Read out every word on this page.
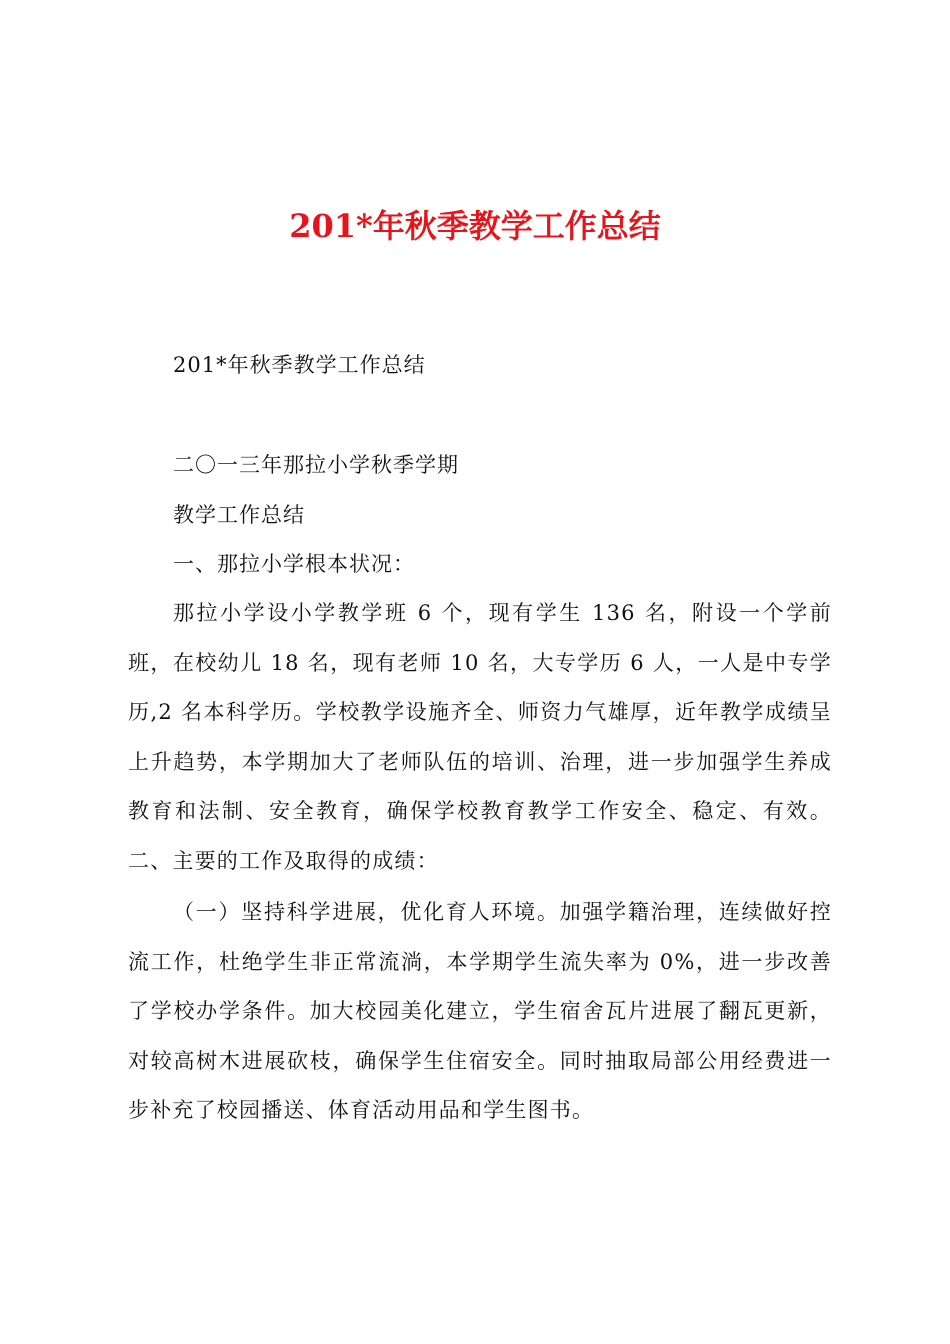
201*年秋季教学工作总结
201*年秋季教学工作总结
二〇一三年那拉小学秋季学期
教学工作总结
一、那拉小学根本状况：

那拉小学设小学教学班 6 个，现有学生 136 名，附设一个学前班，在校幼儿 18 名，现有老师 10 名，大专学历 6 人，一人是中专学历,2 名本科学历。学校教学设施齐全、师资力气雄厚，近年教学成绩呈上升趋势，本学期加大了老师队伍的培训、治理，进一步加强学生养成教育和法制、安全教育，确保学校教育教学工作安全、稳定、有效。二、主要的工作及取得的成绩：

（一）坚持科学进展，优化育人环境。加强学籍治理，连续做好控流工作，杜绝学生非正常流淌，本学期学生流失率为 0%，进一步改善了学校办学条件。加大校园美化建立，学生宿舍瓦片进展了翻瓦更新，对较高树木进展砍枝，确保学生住宿安全。同时抽取局部公用经费进一步补充了校园播送、体育活动用品和学生图书。
